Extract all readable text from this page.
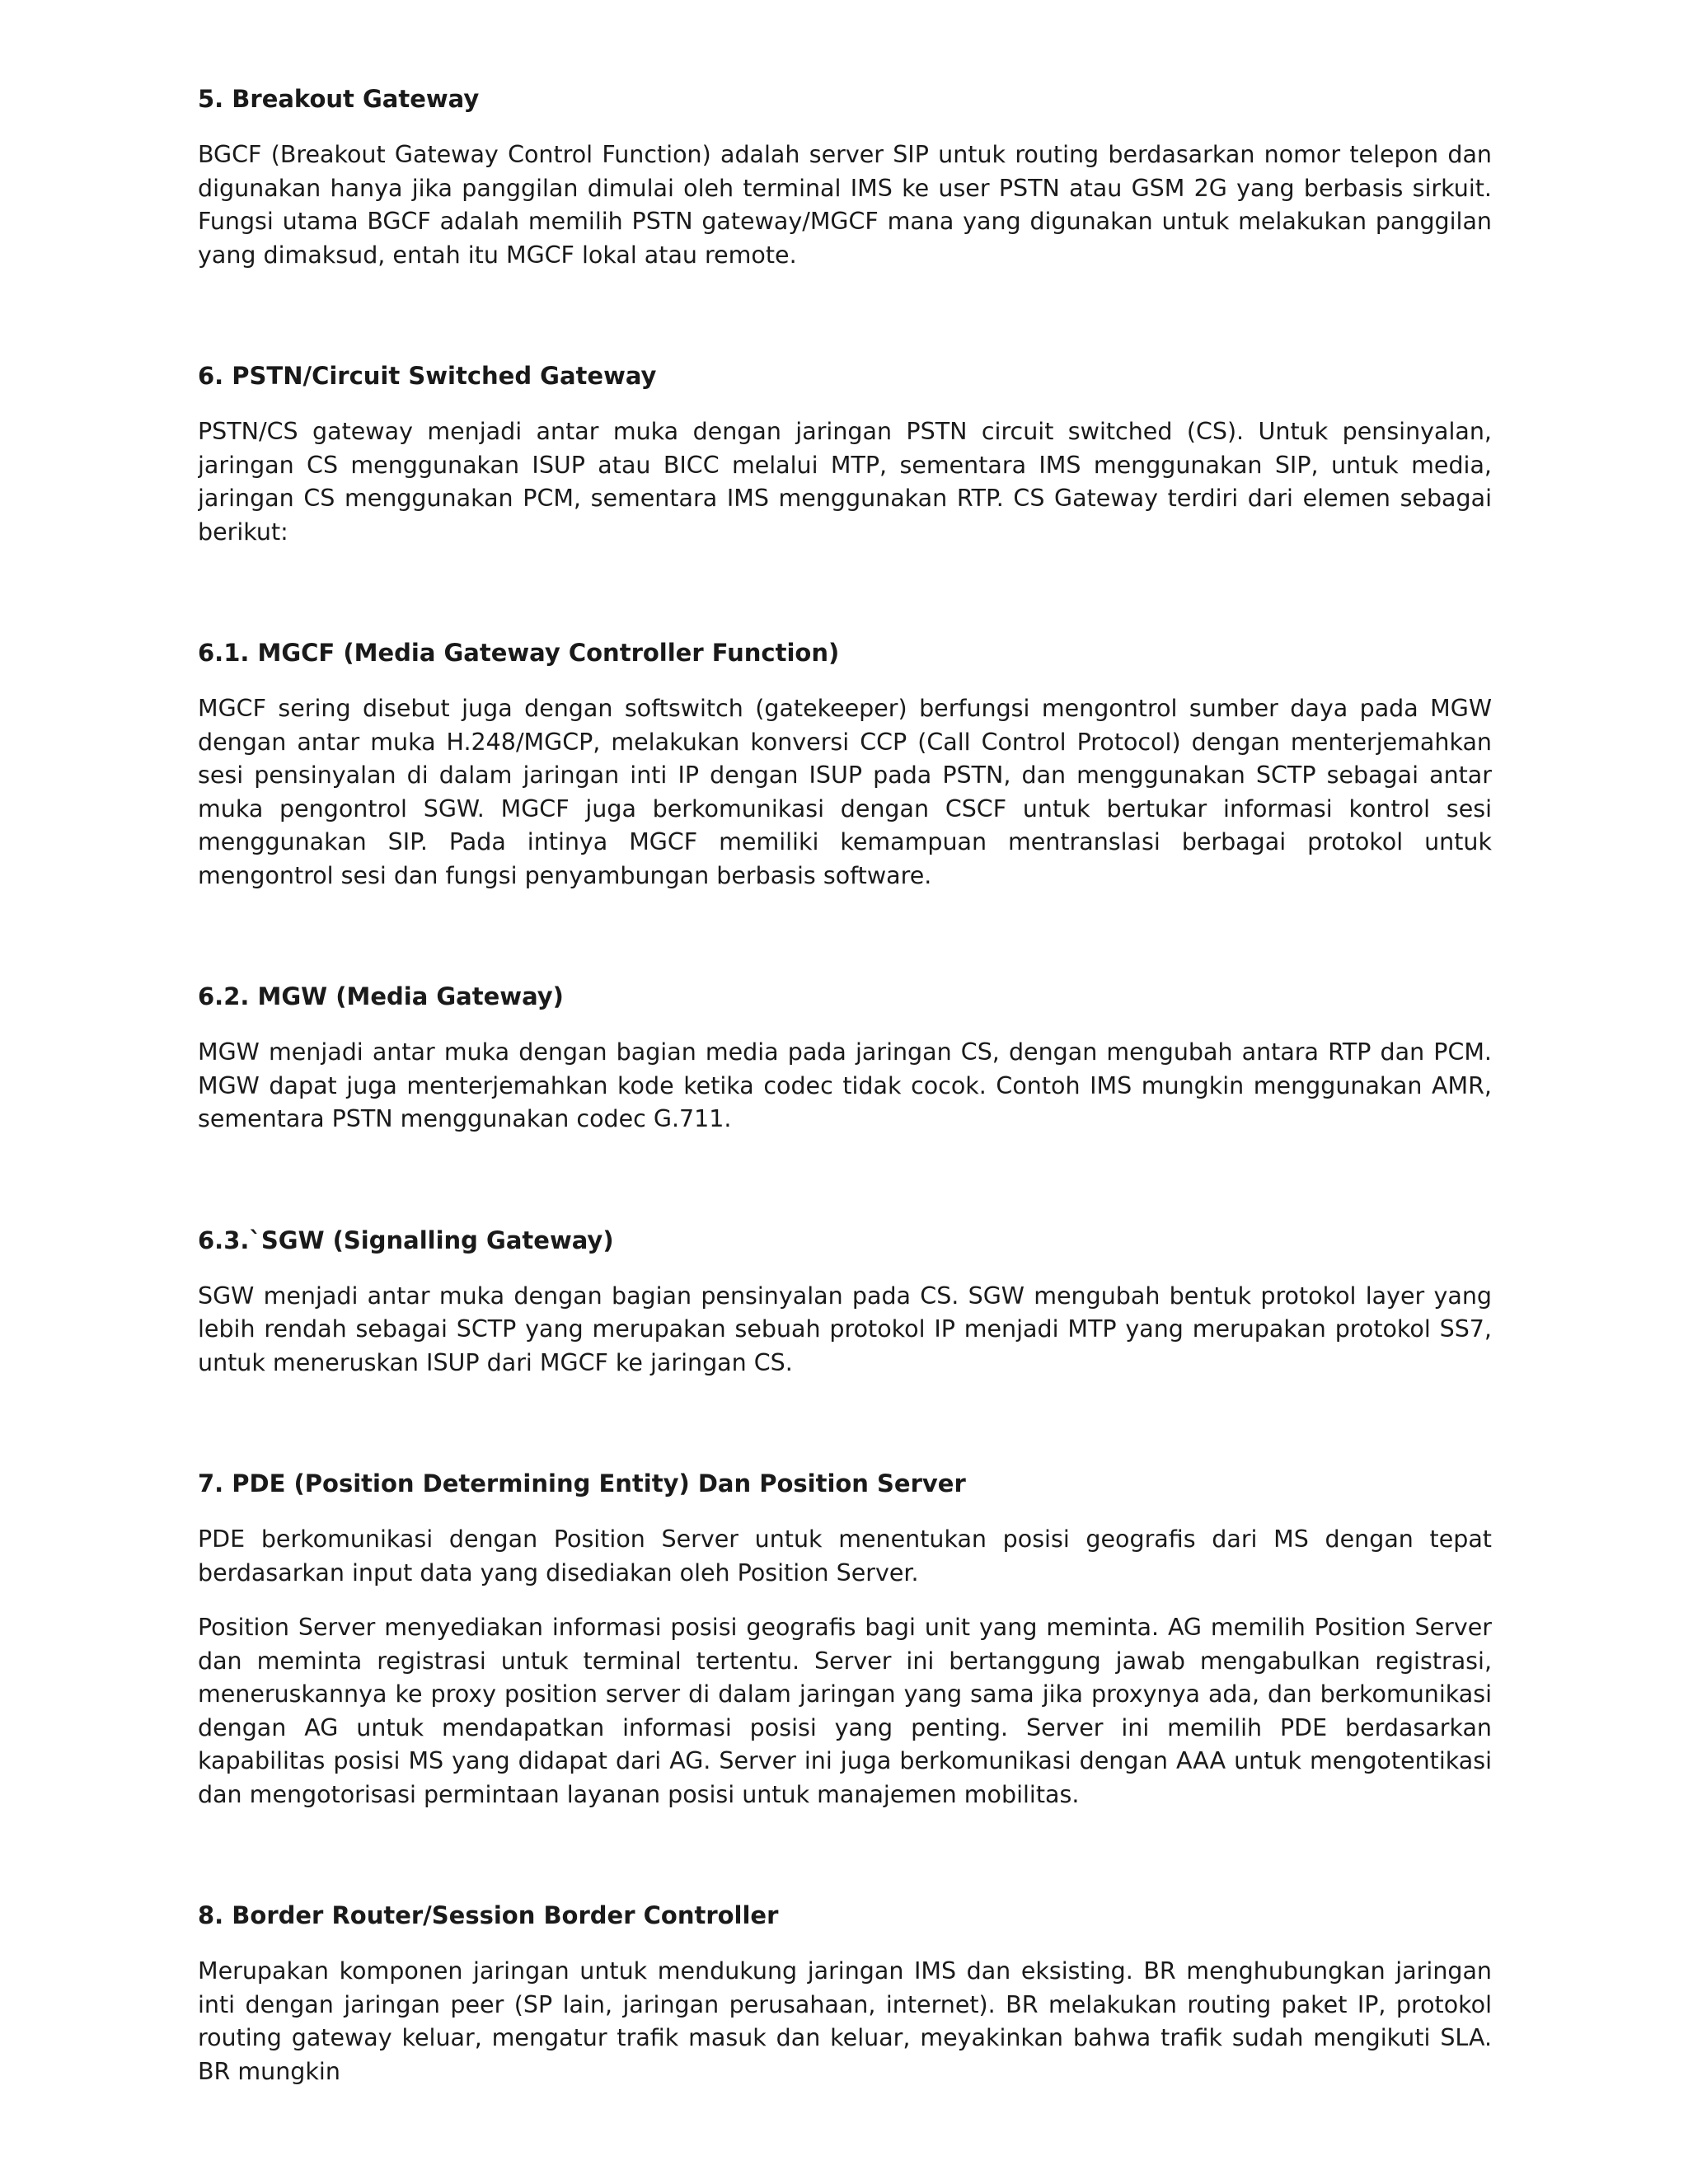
5. Breakout Gateway
BGCF (Breakout Gateway Control Function) adalah server SIP untuk routing berdasarkan nomor telepon dan digunakan hanya jika panggilan dimulai oleh terminal IMS ke user PSTN atau GSM 2G yang berbasis sirkuit. Fungsi utama BGCF adalah memilih PSTN gateway/MGCF mana yang digunakan untuk melakukan panggilan yang dimaksud, entah itu MGCF lokal atau remote.
6. PSTN/Circuit Switched Gateway
PSTN/CS gateway menjadi antar muka dengan jaringan PSTN circuit switched (CS). Untuk pensinyalan, jaringan CS menggunakan ISUP atau BICC melalui MTP, sementara IMS menggunakan SIP, untuk media, jaringan CS menggunakan PCM, sementara IMS menggunakan RTP. CS Gateway terdiri dari elemen sebagai berikut:
6.1. MGCF (Media Gateway Controller Function)
MGCF sering disebut juga dengan softswitch (gatekeeper) berfungsi mengontrol sumber daya pada MGW dengan antar muka H.248/MGCP, melakukan konversi CCP (Call Control Protocol) dengan menterjemahkan sesi pensinyalan di dalam jaringan inti IP dengan ISUP pada PSTN, dan menggunakan SCTP sebagai antar muka pengontrol SGW. MGCF juga berkomunikasi dengan CSCF untuk bertukar informasi kontrol sesi menggunakan SIP. Pada intinya MGCF memiliki kemampuan mentranslasi berbagai protokol untuk mengontrol sesi dan fungsi penyambungan berbasis software.
6.2. MGW (Media Gateway)
MGW menjadi antar muka dengan bagian media pada jaringan CS, dengan mengubah antara RTP dan PCM. MGW dapat juga menterjemahkan kode ketika codec tidak cocok. Contoh IMS mungkin menggunakan AMR, sementara PSTN menggunakan codec G.711.
6.3.`SGW (Signalling Gateway)
SGW menjadi antar muka dengan bagian pensinyalan pada CS. SGW mengubah bentuk protokol layer yang lebih rendah sebagai SCTP yang merupakan sebuah protokol IP menjadi MTP yang merupakan protokol SS7, untuk meneruskan ISUP dari MGCF ke jaringan CS.
7. PDE (Position Determining Entity) Dan Position Server
PDE berkomunikasi dengan Position Server untuk menentukan posisi geografis dari MS dengan tepat berdasarkan input data yang disediakan oleh Position Server.
Position Server menyediakan informasi posisi geografis bagi unit yang meminta. AG memilih Position Server dan meminta registrasi untuk terminal tertentu. Server ini bertanggung jawab mengabulkan registrasi, meneruskannya ke proxy position server di dalam jaringan yang sama jika proxynya ada, dan berkomunikasi dengan AG untuk mendapatkan informasi posisi yang penting. Server ini memilih PDE berdasarkan kapabilitas posisi MS yang didapat dari AG. Server ini juga berkomunikasi dengan AAA untuk mengotentikasi dan mengotorisasi permintaan layanan posisi untuk manajemen mobilitas.
8. Border Router/Session Border Controller
Merupakan komponen jaringan untuk mendukung jaringan IMS dan eksisting. BR menghubungkan jaringan inti dengan jaringan peer (SP lain, jaringan perusahaan, internet). BR melakukan routing paket IP, protokol routing gateway keluar, mengatur trafik masuk dan keluar, meyakinkan bahwa trafik sudah mengikuti SLA. BR mungkin
